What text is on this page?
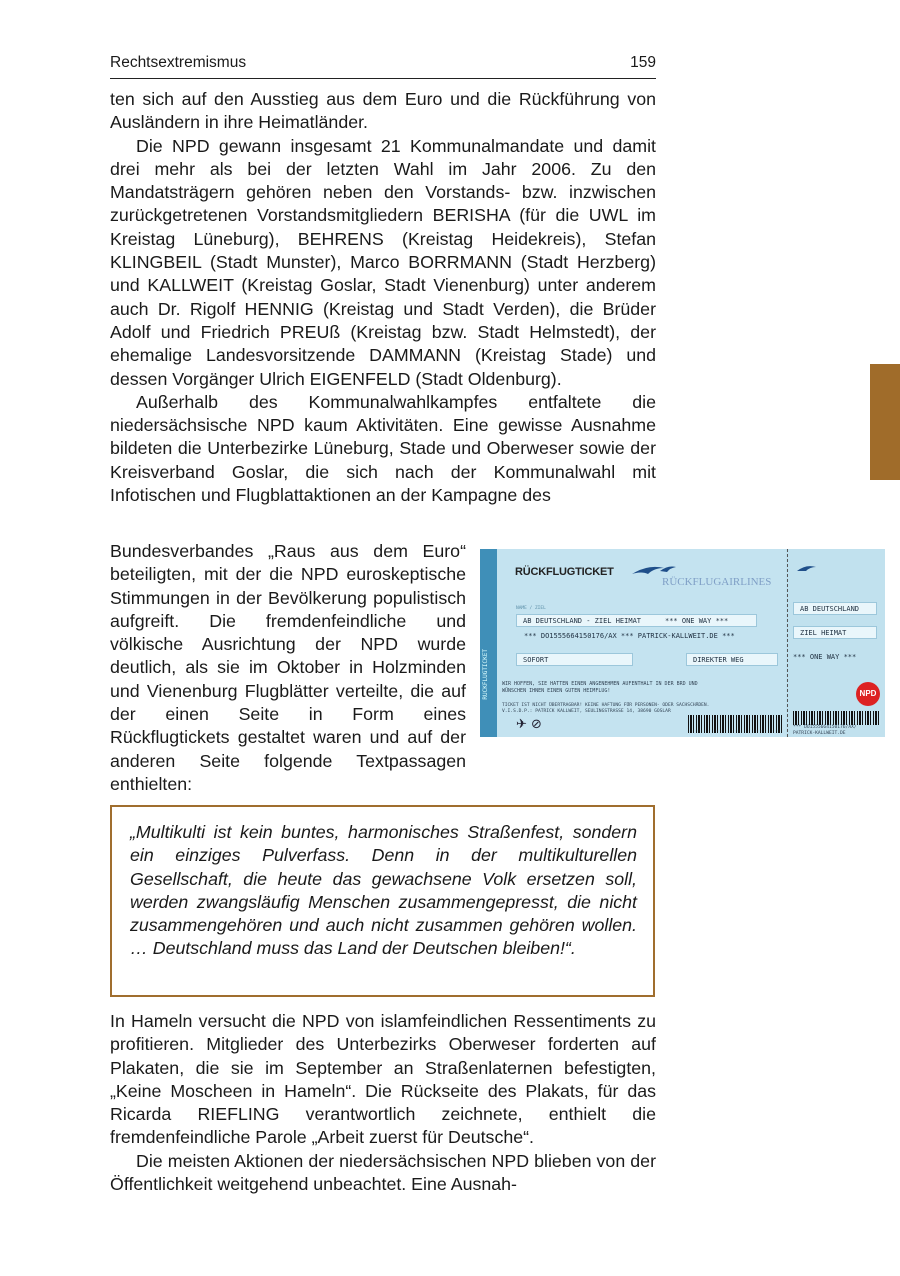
Rechtsextremismus	159

ten sich auf den Ausstieg aus dem Euro und die Rückführung von Ausländern in ihre Heimatländer.

Die NPD gewann insgesamt 21 Kommunalmandate und damit drei mehr als bei der letzten Wahl im Jahr 2006. Zu den Mandatsträgern gehören neben den Vorstands- bzw. inzwischen zurückgetretenen Vorstandsmitgliedern BERISHA (für die UWL im Kreistag Lüneburg), BEHRENS (Kreistag Heidekreis), Stefan KLINGBEIL (Stadt Munster), Marco BORRMANN (Stadt Herzberg) und KALLWEIT (Kreistag Goslar, Stadt Vienenburg) unter anderem auch Dr. Rigolf HENNIG (Kreistag und Stadt Verden), die Brüder Adolf und Friedrich PREUß (Kreistag bzw. Stadt Helmstedt), der ehemalige Landesvorsitzende DAMMANN (Kreistag Stade) und dessen Vorgänger Ulrich EIGENFELD (Stadt Oldenburg).

Außerhalb des Kommunalwahlkampfes entfaltete die niedersächsische NPD kaum Aktivitäten. Eine gewisse Ausnahme bildeten die Unterbezirke Lüneburg, Stade und Oberweser sowie der Kreisverband Goslar, die sich nach der Kommunalwahl mit Infotischen und Flugblattaktionen an der Kampagne des

Bundesverbandes „Raus aus dem Euro“ beteiligten, mit der die NPD euroskeptische Stimmungen in der Bevölkerung populistisch aufgreift. Die fremdenfeindliche und völkische Ausrichtung der NPD wurde deutlich, als sie im Oktober in Holzminden und Vienenburg Flugblätter verteilte, die auf der einen Seite in Form eines Rückflugtickets gestaltet waren und auf der anderen Seite folgende Textpassagen enthielten:
RÜCKFLUGTICKET
RÜCKFLUGTICKET
RÜCKFLUGAIRLINES
NAME / ZIEL
AB DEUTSCHLAND - ZIEL HEIMAT	*** ONE WAY ***
*** DO1555664150176/AX *** PATRICK-KALLWEIT.DE ***
SOFORT	DIREKTER WEG
WIR HOFFEN, SIE HATTEN EINEN ANGENEHMEN AUFENTHALT IN DER BRD UND
WÜNSCHEN IHNEN EINEN GUTEN HEIMFLUG!
TICKET IST NICHT ÜBERTRAGBAR! KEINE HAFTUNG FÜR PERSONEN- ODER SACHSCHÄDEN.
V.I.S.D.P.: PATRICK KALLWEIT, SEULINGSTRASSE 14, 38690 GOSLAR
✈ ⊘
AB DEUTSCHLAND
ZIEL HEIMAT
*** ONE WAY ***
NPD
*** DO1555664150176/AX/
PATRICK-KALLWEIT.DE
„Multikulti ist kein buntes, harmonisches Straßenfest, sondern ein einziges Pulverfass. Denn in der multikulturellen Gesellschaft, die heute das gewachsene Volk ersetzen soll, werden zwangsläufig Menschen zusammengepresst, die nicht zusammengehören und auch nicht zusammen gehören wollen. … Deutschland muss das Land der Deutschen bleiben!“.

In Hameln versucht die NPD von islamfeindlichen Ressentiments zu profitieren. Mitglieder des Unterbezirks Oberweser forderten auf Plakaten, die sie im September an Straßenlaternen befestigten, „Keine Moscheen in Hameln“. Die Rückseite des Plakats, für das Ricarda RIEFLING verantwortlich zeichnete, enthielt die fremdenfeindliche Parole „Arbeit zuerst für Deutsche“.

Die meisten Aktionen der niedersächsischen NPD blieben von der Öffentlichkeit weitgehend unbeachtet. Eine Ausnah-
